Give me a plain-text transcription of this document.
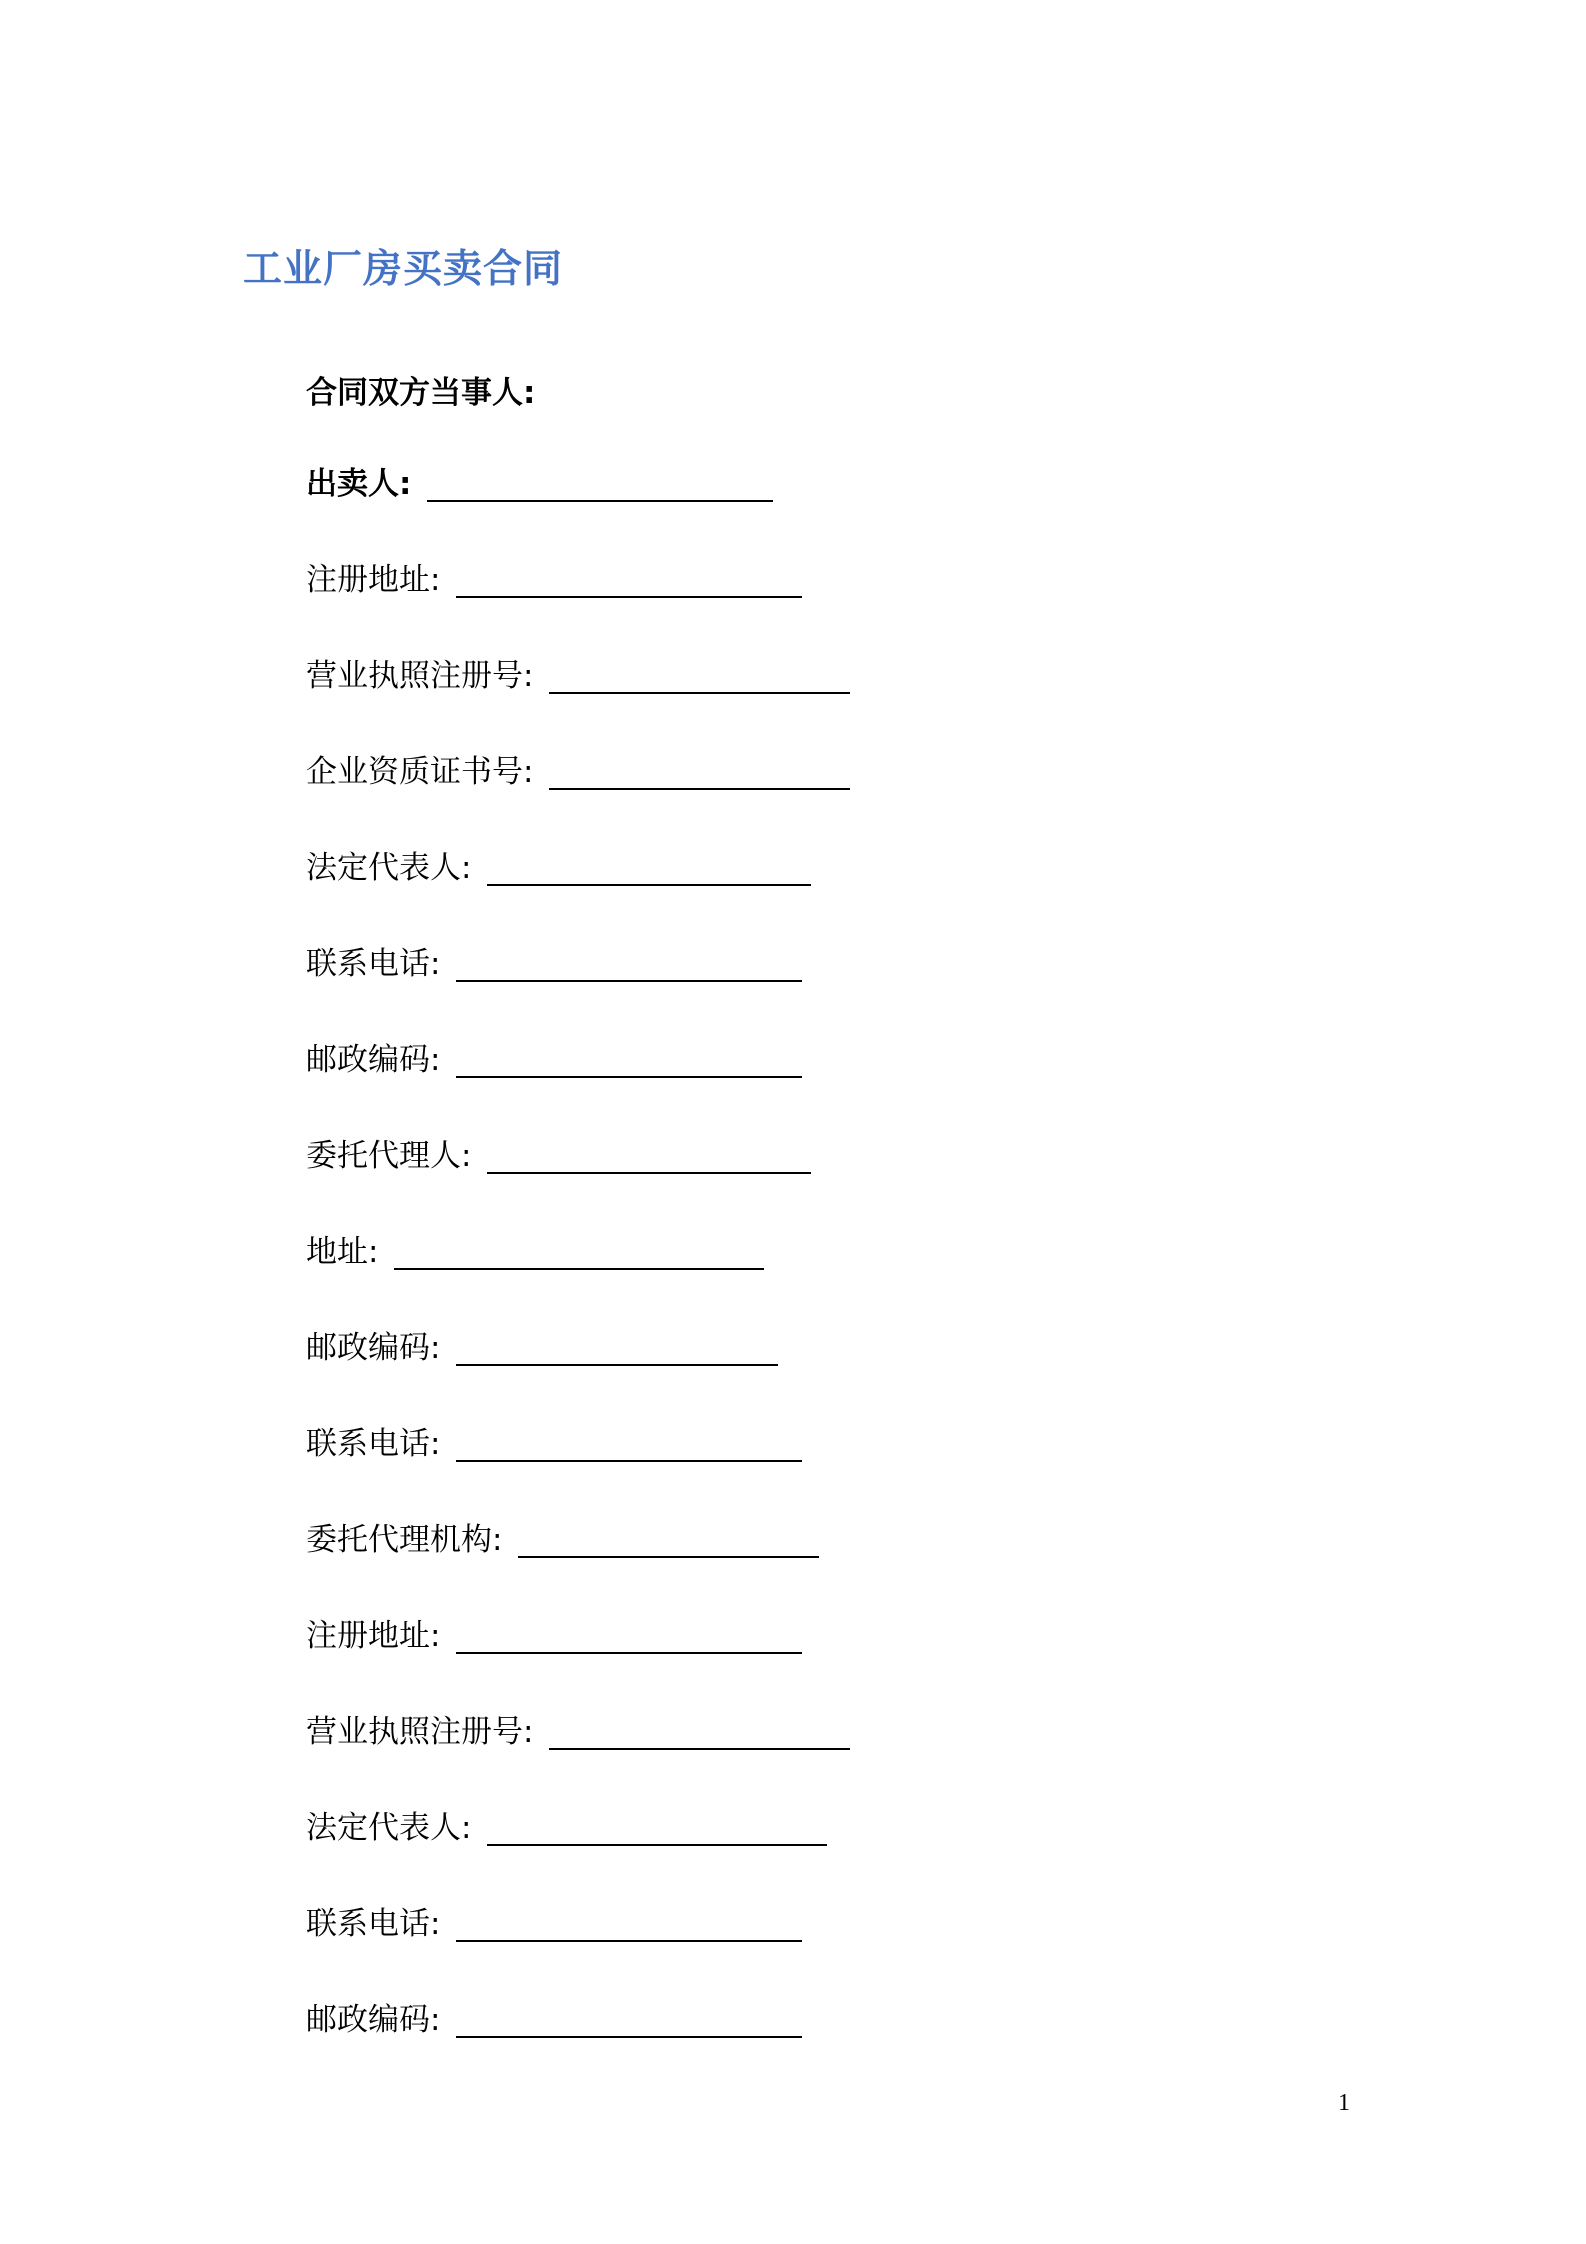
工业厂房买卖合同
合同双方当事人:
出卖人:
注册地址:
营业执照注册号:
企业资质证书号:
法定代表人:
联系电话:
邮政编码:
委托代理人:
地址:
邮政编码:
联系电话:
委托代理机构:
注册地址:
营业执照注册号:
法定代表人:
联系电话:
邮政编码:
1
